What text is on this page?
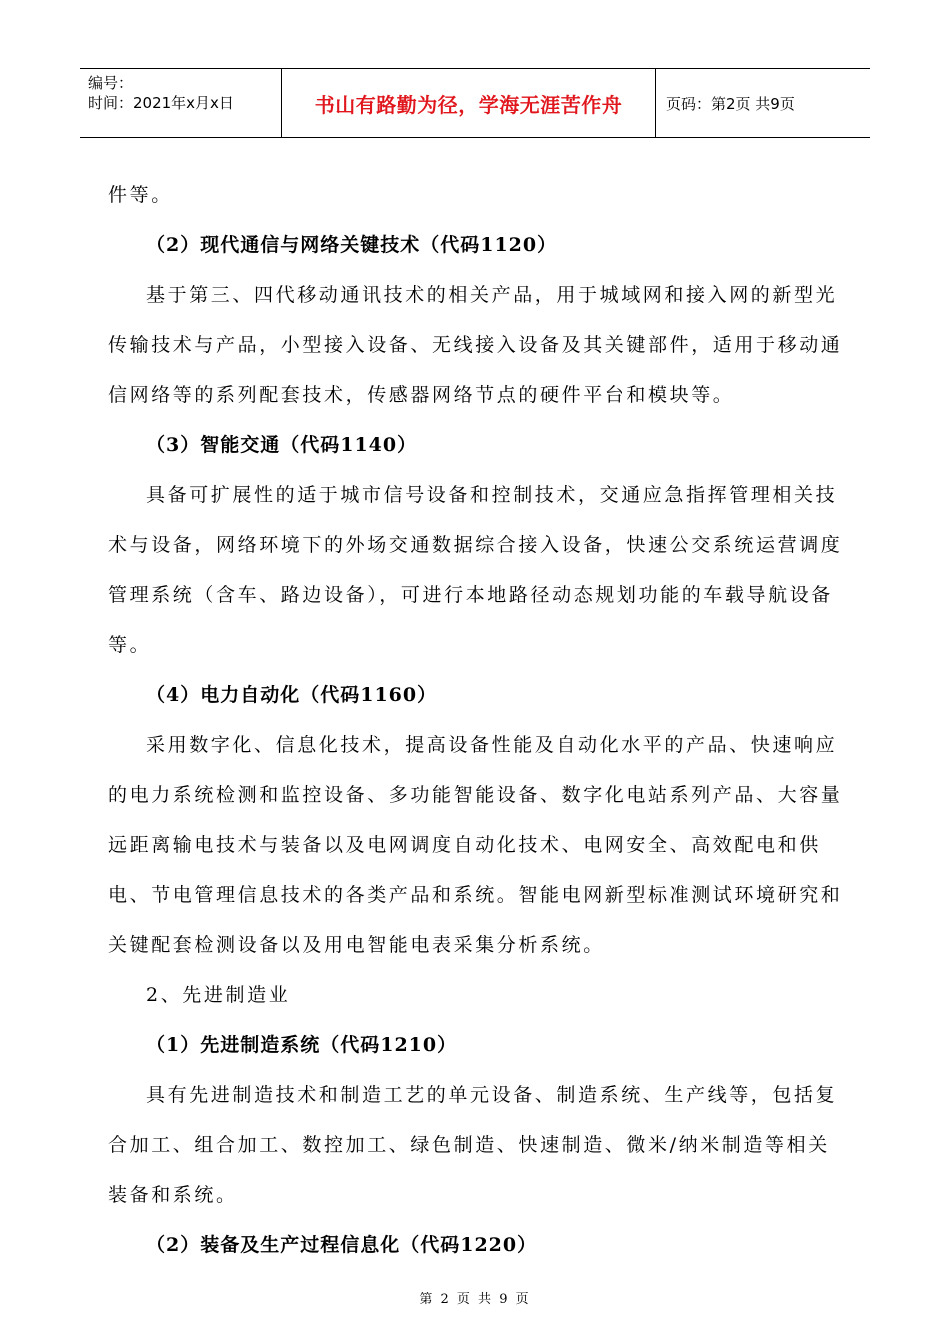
编号：
时间：2021年x月x日	书山有路勤为径，学海无涯苦作舟	页码：第2页 共9页

件等。

（2）现代通信与网络关键技术（代码1120）

基于第三、四代移动通讯技术的相关产品，用于城域网和接入网的新型光传输技术与产品，小型接入设备、无线接入设备及其关键部件，适用于移动通信网络等的系列配套技术，传感器网络节点的硬件平台和模块等。

（3）智能交通（代码1140）

具备可扩展性的适于城市信号设备和控制技术，交通应急指挥管理相关技术与设备，网络环境下的外场交通数据综合接入设备，快速公交系统运营调度管理系统（含车、路边设备），可进行本地路径动态规划功能的车载导航设备等。

（4）电力自动化（代码1160）

采用数字化、信息化技术，提高设备性能及自动化水平的产品、快速响应的电力系统检测和监控设备、多功能智能设备、数字化电站系列产品、大容量远距离输电技术与装备以及电网调度自动化技术、电网安全、高效配电和供电、节电管理信息技术的各类产品和系统。智能电网新型标准测试环境研究和关键配套检测设备以及用电智能电表采集分析系统。

2、先进制造业

（1）先进制造系统（代码1210）

具有先进制造技术和制造工艺的单元设备、制造系统、生产线等，包括复合加工、组合加工、数控加工、绿色制造、快速制造、微米/纳米制造等相关装备和系统。

（2）装备及生产过程信息化（代码1220）

第 2 页 共 9 页
